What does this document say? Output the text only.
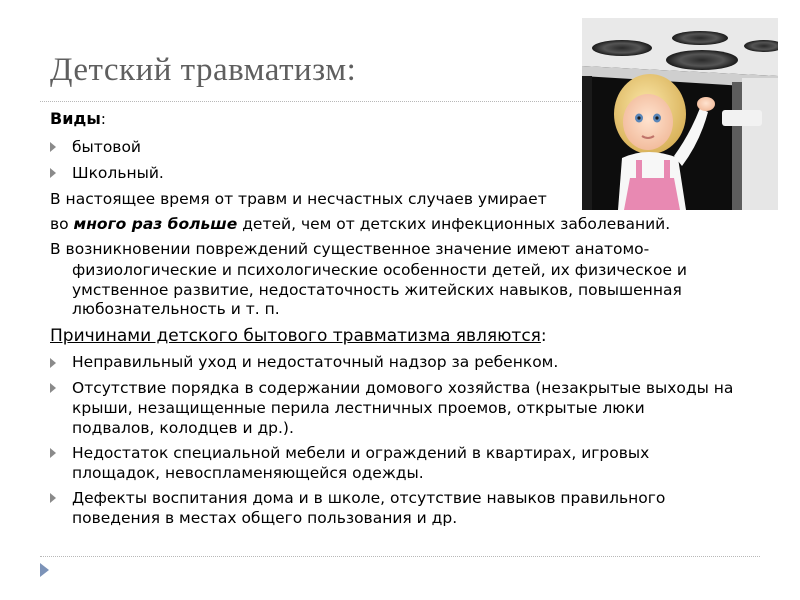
Детский травматизм:
Виды:
бытовой
Школьный.
В настоящее время от травм и несчастных случаев умирает
во много раз больше детей, чем от детских инфекционных заболеваний.
В возникновении повреждений существенное значение имеют анатомо-
физиологические и психологические особенности детей, их физическое и
умственное развитие, недостаточность житейских навыков, повышенная
любознательность и т. п.
Причинами детского бытового травматизма являются:
Неправильный уход и недостаточный надзор за ребенком.
Отсутствие порядка в содержании домового хозяйства (незакрытые выходы на
крыши, незащищенные перила лестничных проемов, открытые люки
подвалов, колодцев и др.).
Недостаток специальной мебели и ограждений в квартирах, игровых
площадок, невоспламеняющейся одежды.
Дефекты воспитания дома и в школе, отсутствие навыков правильного
поведения в местах общего пользования и др.
